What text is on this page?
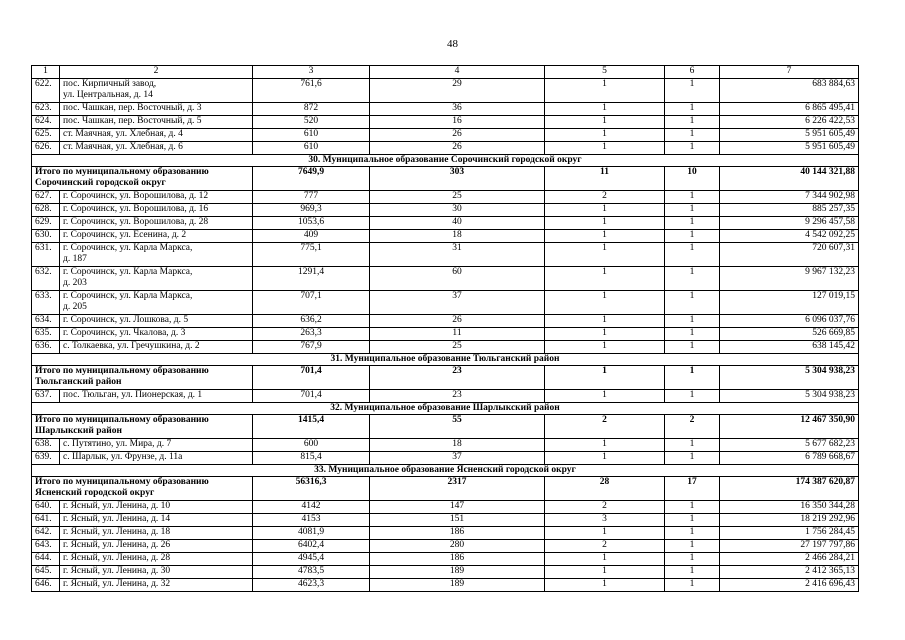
48
1	2	3	4	5	6	7
622.	пос. Кирпичный завод,
ул. Центральная, д. 14	761,6	29	1	1	683 884,63
623.	пос. Чашкан, пер. Восточный, д. 3	872	36	1	1	6 865 495,41
624.	пос. Чашкан, пер. Восточный, д. 5	520	16	1	1	6 226 422,53
625.	ст. Маячная, ул. Хлебная, д. 4	610	26	1	1	5 951 605,49
626.	ст. Маячная, ул. Хлебная, д. 6	610	26	1	1	5 951 605,49
30. Муниципальное образование Сорочинский городской округ						
Итого по муниципальному образованию
Сорочинский городской округ		7649,9	303	11	10	40 144 321,88
627.	г. Сорочинск, ул. Ворошилова, д. 12	777	25	2	1	7 344 902,98
628.	г. Сорочинск, ул. Ворошилова, д. 16	969,3	30	1	1	885 257,35
629.	г. Сорочинск, ул. Ворошилова, д. 28	1053,6	40	1	1	9 296 457,58
630.	г. Сорочинск, ул. Есенина, д. 2	409	18	1	1	4 542 092,25
631.	г. Сорочинск, ул. Карла Маркса,
д. 187	775,1	31	1	1	720 607,31
632.	г. Сорочинск, ул. Карла Маркса,
д. 203	1291,4	60	1	1	9 967 132,23
633.	г. Сорочинск, ул. Карла Маркса,
д. 205	707,1	37	1	1	127 019,15
634.	г. Сорочинск, ул. Лошкова, д. 5	636,2	26	1	1	6 096 037,76
635.	г. Сорочинск, ул. Чкалова, д. 3	263,3	11	1	1	526 669,85
636.	с. Толкаевка, ул. Гречушкина, д. 2	767,9	25	1	1	638 145,42
31. Муниципальное образование Тюльганский район						
Итого по муниципальному образованию
Тюльганский район		701,4	23	1	1	5 304 938,23
637.	пос. Тюльган, ул. Пионерская, д. 1	701,4	23	1	1	5 304 938,23
32. Муниципальное образование Шарлыкский район						
Итого по муниципальному образованию
Шарлыкский район		1415,4	55	2	2	12 467 350,90
638.	с. Путятино, ул. Мира, д. 7	600	18	1	1	5 677 682,23
639.	с. Шарлык, ул. Фрунзе, д. 11а	815,4	37	1	1	6 789 668,67
33. Муниципальное образование Ясненский городской округ						
Итого по муниципальному образованию
Ясненский городской округ		56316,3	2317	28	17	174 387 620,87
640.	г. Ясный, ул. Ленина, д. 10	4142	147	2	1	16 350 344,28
641.	г. Ясный, ул. Ленина, д. 14	4153	151	3	1	18 219 292,96
642.	г. Ясный, ул. Ленина, д. 18	4081,9	186	1	1	1 756 284,45
643.	г. Ясный, ул. Ленина, д. 26	6402,4	280	2	1	27 197 797,86
644.	г. Ясный, ул. Ленина, д. 28	4945,4	186	1	1	2 466 284,21
645.	г. Ясный, ул. Ленина, д. 30	4783,5	189	1	1	2 412 365,13
646.	г. Ясный, ул. Ленина, д. 32	4623,3	189	1	1	2 416 696,43
